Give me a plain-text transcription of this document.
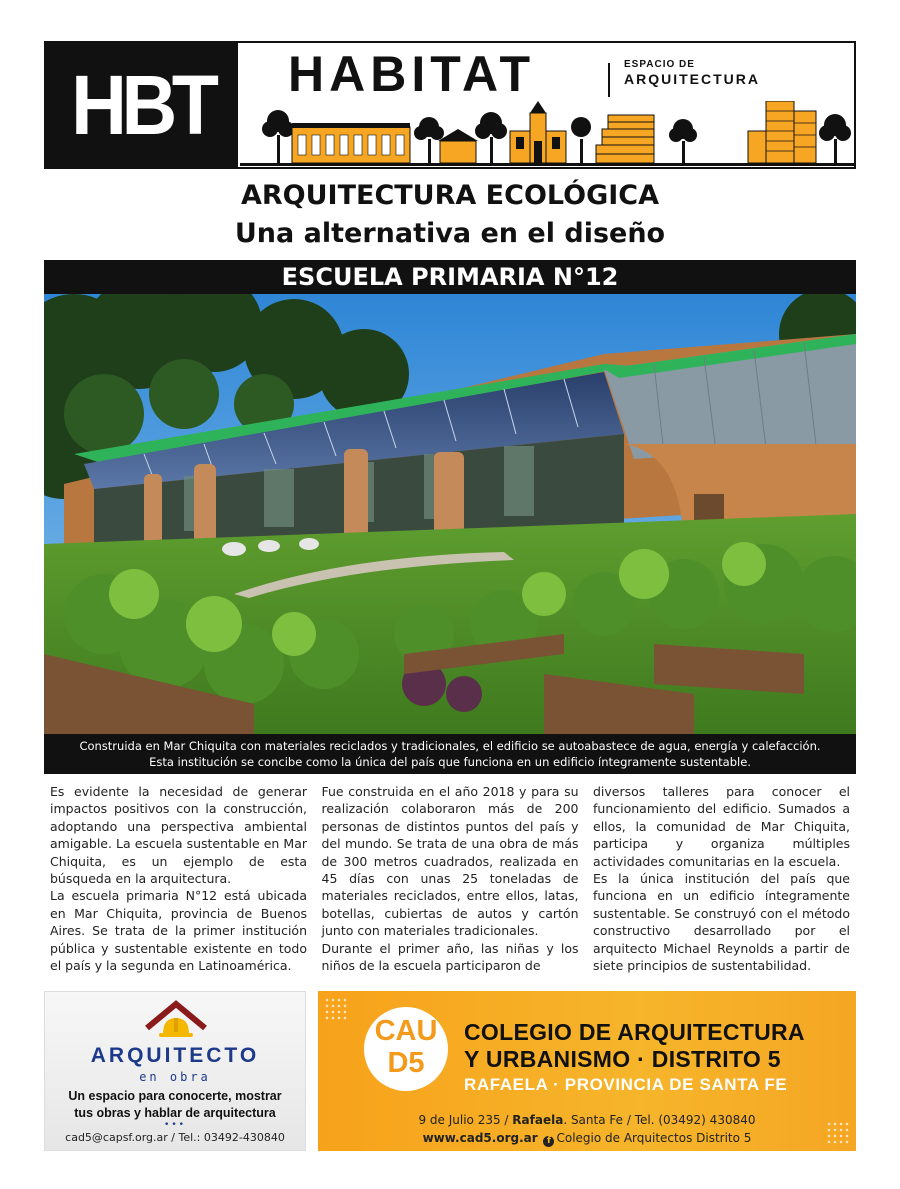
HBT HABITAT	ESPACIO DE
ARQUITECTURA
ARQUITECTURA ECOLÓGICA
Una alternativa en el diseño
ESCUELA PRIMARIA N°12

Construida en Mar Chiquita con materiales reciclados y tradicionales, el edificio se autoabastece de agua, energía y calefacción.

Esta institución se concibe como la única del país que funciona en un edificio íntegramente sustentable.

Es evidente la necesidad de generar impactos positivos con la construcción, adoptando una perspectiva ambiental amigable. La escuela sustentable en Mar Chiquita, es un ejemplo de esta búsqueda en la arquitectura.

La escuela primaria N°12 está ubicada en Mar Chiquita, provincia de Buenos Aires. Se trata de la primer institución pública y sustentable existente en todo el país y la segunda en Latinoamérica.

Fue construida en el año 2018 y para su realización colaboraron más de 200 personas de distintos puntos del país y del mundo. Se trata de una obra de más de 300 metros cuadrados, realizada en 45 días con unas 25 toneladas de materiales reciclados, entre ellos, latas, botellas, cubiertas de autos y cartón junto con materiales tradicionales.

Durante el primer año, las niñas y los niños de la escuela participaron de

diversos talleres para conocer el funcionamiento del edificio. Sumados a ellos, la comunidad de Mar Chiquita, participa y organiza múltiples actividades comunitarias en la escuela.

Es la única institución del país que funciona en un edificio íntegramente sustentable. Se construyó con el método constructivo desarrollado por el arquitecto Michael Reynolds a partir de siete principios de sustentabilidad.

ARQUITECTO
en obra
Un espacio para conocerte, mostrar
tus obras y hablar de arquitectura
•••
cad5@capsf.org.ar / Tel.: 03492-430840
CAU
D5
COLEGIO DE ARQUITECTURA
Y URBANISMO · DISTRITO 5
RAFAELA · PROVINCIA DE SANTA FE
9 de Julio 235 / Rafaela. Santa Fe / Tel. (03492) 430840
www.cad5.org.ar f Colegio de Arquitectos Distrito 5
